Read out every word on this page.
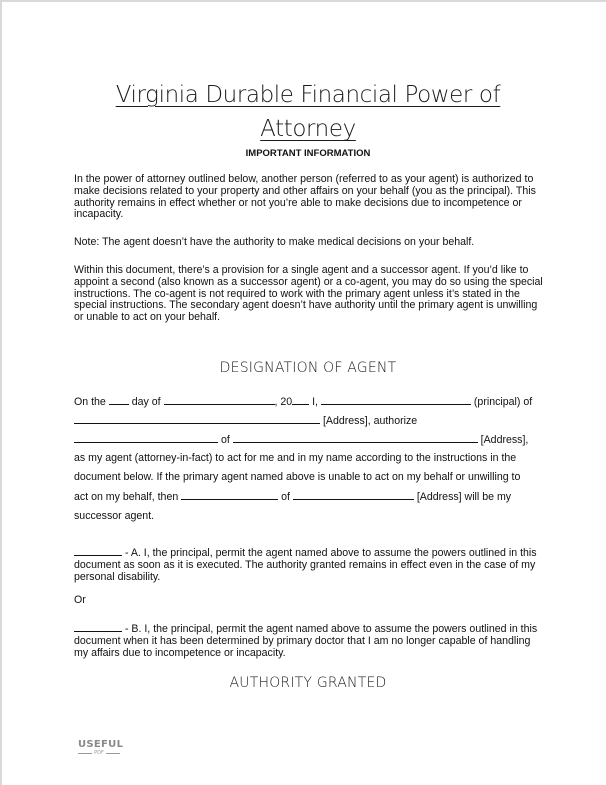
Virginia Durable Financial Power of
Attorney
IMPORTANT INFORMATION

In the power of attorney outlined below, another person (referred to as your agent) is authorized to make decisions related to your property and other affairs on your behalf (you as the principal). This authority remains in effect whether or not you’re able to make decisions due to incompetence or incapacity.

Note: The agent doesn’t have the authority to make medical decisions on your behalf.

Within this document, there’s a provision for a single agent and a successor agent. If you’d like to appoint a second (also known as a successor agent) or a co-agent, you may do so using the special instructions. The co-agent is not required to work with the primary agent unless it’s stated in the special instructions. The secondary agent doesn’t have authority until the primary agent is unwilling or unable to act on your behalf.

DESIGNATION OF AGENT
On the  day of	, 20 I,	(principal) of
[Address], authorize
of	[Address],
as my agent (attorney-in-fact) to act for me and in my name according to the instructions in the
document below. If the primary agent named above is unable to act on my behalf or unwilling to
act on my behalf, then	of	[Address] will be my
successor agent.

- A. I, the principal, permit the agent named above to assume the powers outlined in this document as soon as it is executed. The authority granted remains in effect even in the case of my personal disability.

Or

- B. I, the principal, permit the agent named above to assume the powers outlined in this document when it has been determined by primary doctor that I am no longer capable of handling my affairs due to incompetence or incapacity.

AUTHORITY GRANTED
USEFUL
PDF
